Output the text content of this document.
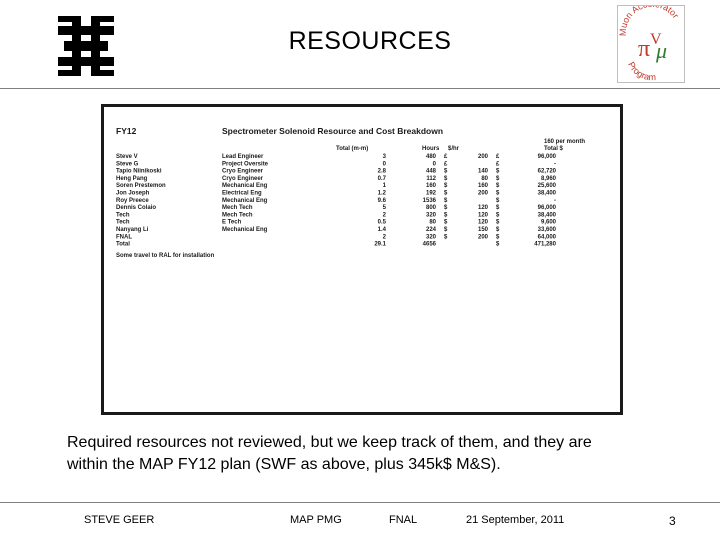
RESOURCES	Muon Ac ator
π V
μ
Program
FY12	Spectrometer Solenoid Resource and Cost Breakdown
160 per month
Total (m-m)	Hours $/hr	Total $
Steve V	Lead Engineer	3	480 £	200 £	96,000
Steve G	Project Oversite	0	0 £	£	-
Tapio Niinikoski	Cryo Engineer	2.8	448 $	140 $	62,720
Heng Pang	Cryo Engineer	0.7	112 $	80 $	8,960
Soren Prestemon	Mechanical Eng	1	160 $	160 $	25,600
Jon Joseph	Electrical Eng	1.2	192 $	200 $	38,400
Roy Preece	Mechanical Eng	9.6	1536 $	$	-
Dennis Colaio	Mech Tech	5	800 $	120 $	96,000
Tech	Mech Tech	2	320 $	120 $	38,400
Tech	E Tech	0.5	80 $	120 $	9,600
Nanyang Li	Mechanical Eng	1.4	224 $	150 $	33,600
FNAL	2	320 $	200 $	64,000
Total	29.1	4656	$	471,280
Some travel to RAL for installation
Required resources not reviewed, but we keep track of them, and they are
within the MAP FY12 plan (SWF as above, plus 345k$ M&S).
STEVE GEER	MAP PMG	FNAL	21 September, 2011	3
